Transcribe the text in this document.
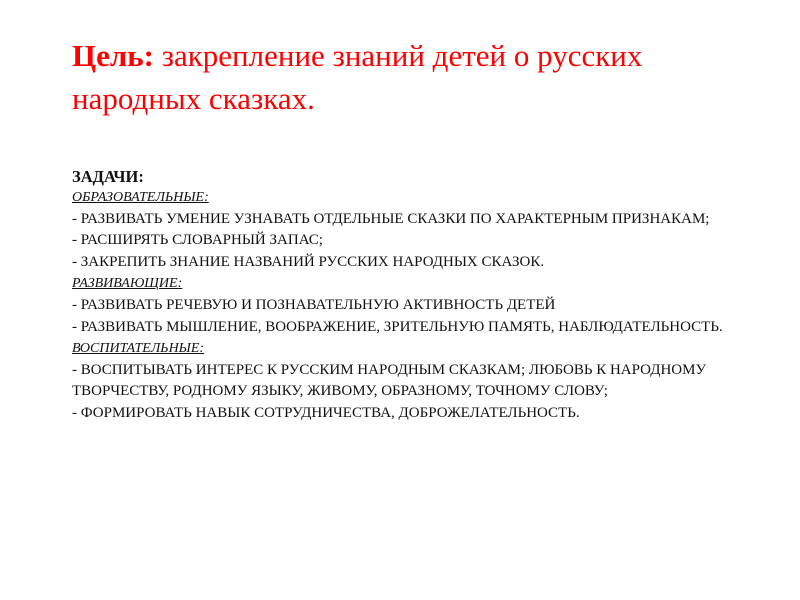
Цель: закрепление знаний детей о русских народных сказках.

ЗАДАЧИ:
ОБРАЗОВАТЕЛЬНЫЕ:
- РАЗВИВАТЬ УМЕНИЕ УЗНАВАТЬ ОТДЕЛЬНЫЕ СКАЗКИ ПО ХАРАКТЕРНЫМ ПРИЗНАКАМ;
- РАСШИРЯТЬ СЛОВАРНЫЙ ЗАПАС;
- ЗАКРЕПИТЬ ЗНАНИЕ НАЗВАНИЙ РУССКИХ НАРОДНЫХ СКАЗОК.
РАЗВИВАЮЩИЕ:
- РАЗВИВАТЬ РЕЧЕВУЮ И ПОЗНАВАТЕЛЬНУЮ АКТИВНОСТЬ ДЕТЕЙ
- РАЗВИВАТЬ МЫШЛЕНИЕ, ВООБРАЖЕНИЕ, ЗРИТЕЛЬНУЮ ПАМЯТЬ, НАБЛЮДАТЕЛЬНОСТЬ.
ВОСПИТАТЕЛЬНЫЕ:
- ВОСПИТЫВАТЬ ИНТЕРЕС К РУССКИМ НАРОДНЫМ СКАЗКАМ; ЛЮБОВЬ К НАРОДНОМУ ТВОРЧЕСТВУ, РОДНОМУ ЯЗЫКУ, ЖИВОМУ, ОБРАЗНОМУ, ТОЧНОМУ СЛОВУ;
- ФОРМИРОВАТЬ НАВЫК СОТРУДНИЧЕСТВА, ДОБРОЖЕЛАТЕЛЬНОСТЬ.
